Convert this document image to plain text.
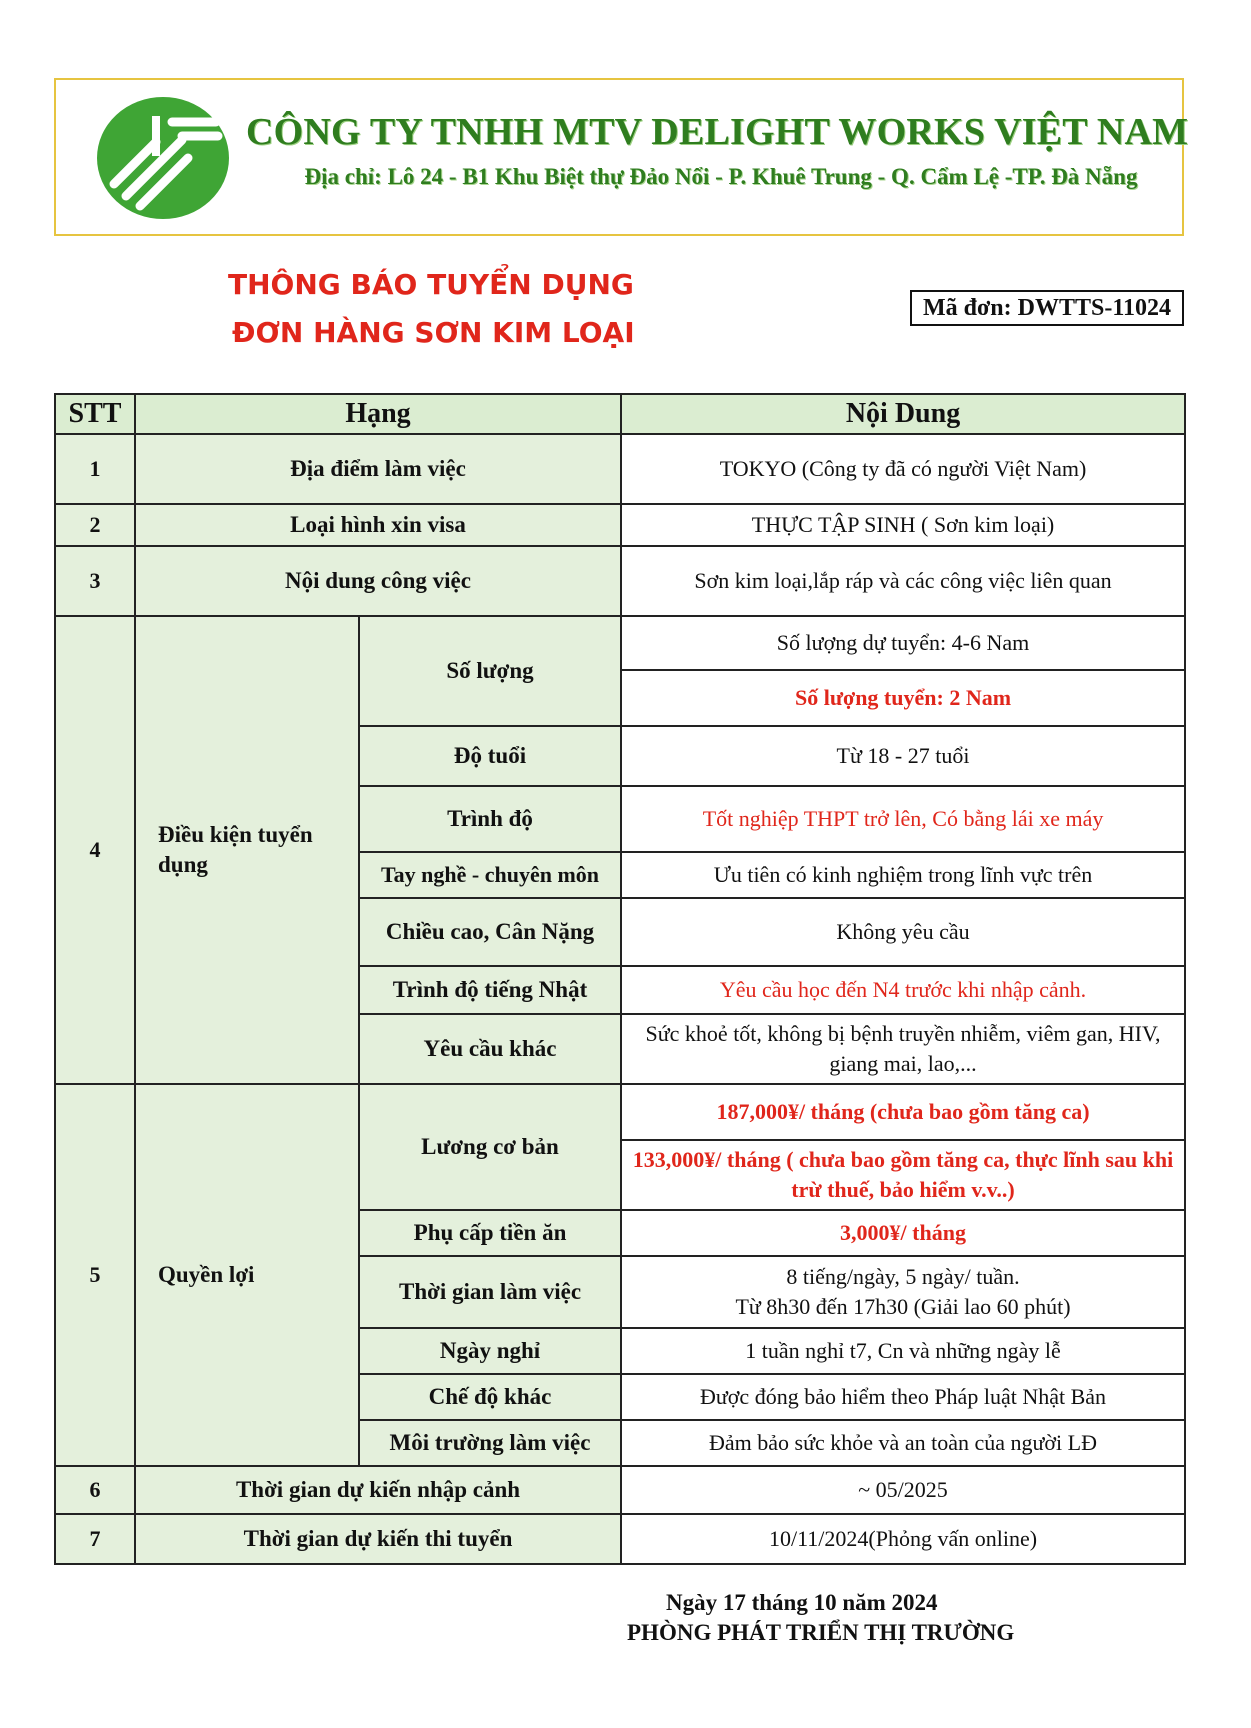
CÔNG TY TNHH MTV DELIGHT WORKS VIỆT NAM
Địa chỉ: Lô 24 - B1 Khu Biệt thự Đảo Nổi - P. Khuê Trung - Q. Cẩm Lệ -TP. Đà Nẵng
THÔNG BÁO TUYỂN DỤNG
ĐƠN HÀNG SƠN KIM LOẠI
Mã đơn: DWTTS-11024
STT	Hạng		Nội Dung
1	Địa điểm làm việc		TOKYO (Công ty đã có người Việt Nam)
2	Loại hình xin visa		THỰC TẬP SINH ( Sơn kim loại)
3	Nội dung công việc		Sơn kim loại,lắp ráp và các công việc liên quan
4	Điều kiện tuyển dụng	Số lượng	Số lượng dự tuyển: 4-6 Nam
			Số lượng tuyển: 2 Nam
		Độ tuổi	Từ 18 - 27 tuổi
		Trình độ	Tốt nghiệp THPT trở lên, Có bằng lái xe máy
		Tay nghề - chuyên môn	Ưu tiên có kinh nghiệm trong lĩnh vực trên
		Chiều cao, Cân Nặng	Không yêu cầu
		Trình độ tiếng Nhật	Yêu cầu học đến N4 trước khi nhập cảnh.
		Yêu cầu khác	Sức khoẻ tốt, không bị bệnh truyền nhiễm, viêm gan, HIV, giang mai, lao,...

5	Quyền lợi	Lương cơ bản	187,000¥/ tháng (chưa bao gồm tăng ca)
			133,000¥/ tháng ( chưa bao gồm tăng ca, thực lĩnh sau khi trừ thuế, bảo hiểm v.v..)
		Phụ cấp tiền ăn	3,000¥/ tháng
		Thời gian làm việc	8 tiếng/ngày, 5 ngày/ tuần.
Từ 8h30 đến 17h30 (Giải lao 60 phút)

		Ngày nghỉ	1 tuần nghỉ t7, Cn và những ngày lễ
		Chế độ khác	Được đóng bảo hiểm theo Pháp luật Nhật Bản
		Môi trường làm việc	Đảm bảo sức khỏe và an toàn của người LĐ

6	Thời gian dự kiến nhập cảnh		~ 05/2025
7	Thời gian dự kiến thi tuyển		10/11/2024(Phỏng vấn online)
Ngày 17 tháng 10 năm 2024
PHÒNG PHÁT TRIỂN THỊ TRƯỜNG
